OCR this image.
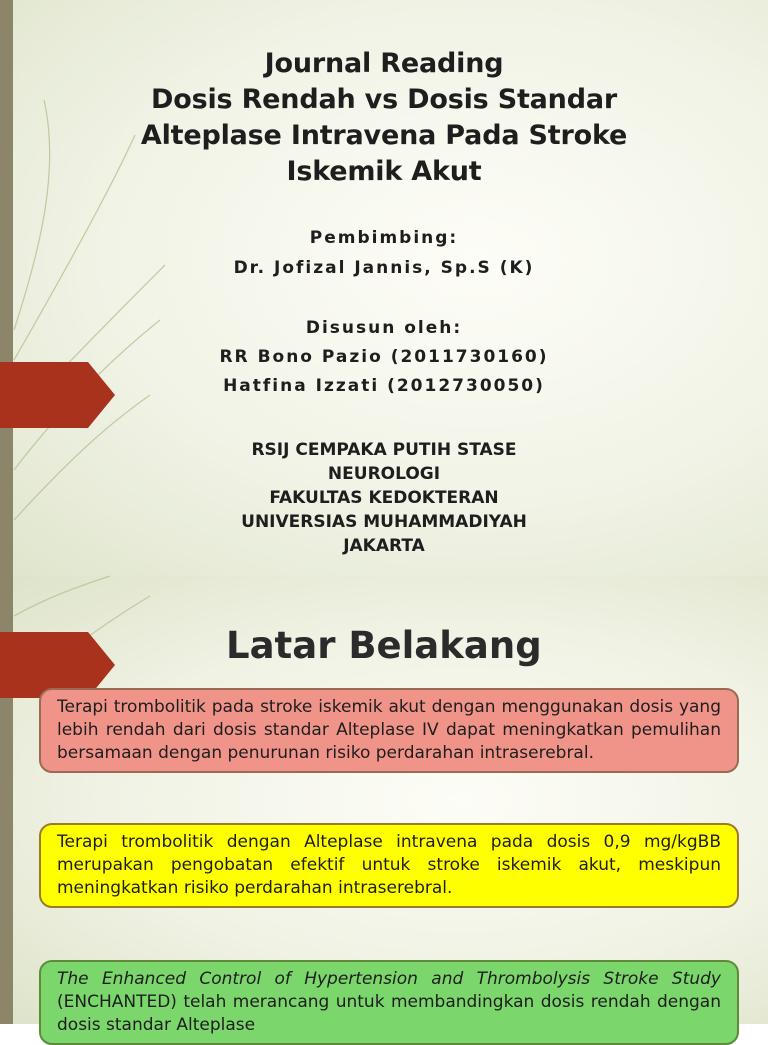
Journal Reading
Dosis Rendah vs Dosis Standar
Alteplase Intravena Pada Stroke
Iskemik Akut
Pembimbing:
Dr. Jofizal Jannis, Sp.S (K)
Disusun oleh:
RR Bono Pazio (2011730160)
Hatfina Izzati (2012730050)
RSIJ CEMPAKA PUTIH STASE
NEUROLOGI
FAKULTAS KEDOKTERAN
UNIVERSIAS MUHAMMADIYAH
JAKARTA
Latar Belakang
Terapi trombolitik pada stroke iskemik akut dengan menggunakan dosis yang lebih rendah dari dosis standar Alteplase IV dapat meningkatkan pemulihan bersamaan dengan penurunan risiko perdarahan intraserebral.
Terapi trombolitik dengan Alteplase intravena pada dosis 0,9 mg/kgBB merupakan pengobatan efektif untuk stroke iskemik akut, meskipun meningkatkan risiko perdarahan intraserebral.
The Enhanced Control of Hypertension and Thrombolysis Stroke Study (ENCHANTED) telah merancang untuk membandingkan dosis rendah dengan dosis standar Alteplase
